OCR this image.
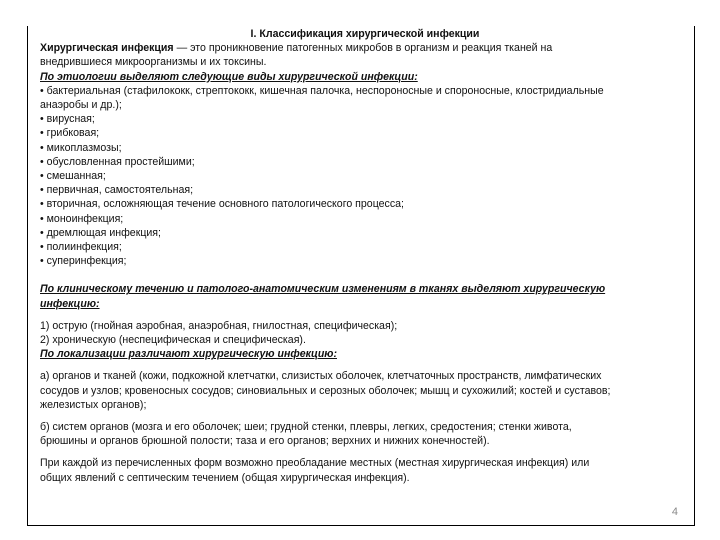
I. Классификация хирургической инфекции

Хирургическая инфекция — это проникновение патогенных микробов в организм и реакция тканей на

внедрившиеся микроорганизмы и их токсины.

По этиологии выделяют следующие виды хирургической инфекции:

• бактериальная (стафилококк, стрептококк, кишечная палочка, неспороносные и спороносные, клостридиальные

анаэробы и др.);

• вирусная;

• грибковая;

• микоплазмозы;

• обусловленная простейшими;

• смешанная;

• первичная, самостоятельная;

• вторичная, осложняющая течение основного патологического процесса;

• моноинфекция;

• дремлющая инфекция;

• полиинфекция;

• суперинфекция;

По клиническому течению и патолого-анатомическим изменениям в тканях выделяют хирургическую

инфекцию:

1) острую (гнойная аэробная, анаэробная, гнилостная, специфическая);

2) хроническую (неспецифическая и специфическая).

По локализации различают хирургическую инфекцию:

а) органов и тканей (кожи, подкожной клетчатки, слизистых оболочек, клетчаточных пространств, лимфатических

сосудов и узлов; кровеносных сосудов; синовиальных и серозных оболочек; мышц и сухожилий; костей и суставов;

железистых органов);

б) систем органов (мозга и его оболочек; шеи; грудной стенки, плевры, легких, средостения; стенки живота,

брюшины и органов брюшной полости; таза и его органов; верхних и нижних конечностей).

При каждой из перечисленных форм возможно преобладание местных (местная хирургическая инфекция) или

общих явлений с септическим течением (общая хирургическая инфекция).

4
